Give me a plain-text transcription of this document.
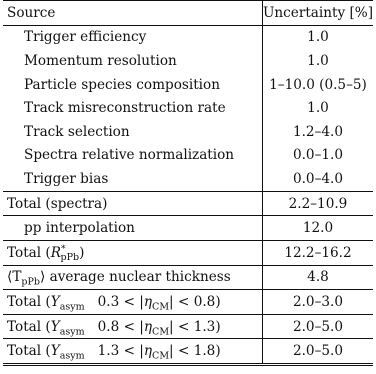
Source	Uncertainty [%]
Trigger efficiency	1.0
Momentum resolution	1.0
Particle species composition	1–10.0 (0.5–5)
Track misreconstruction rate	1.0
Track selection	1.2–4.0
Spectra relative normalization	0.0–1.0
Trigger bias	0.0–4.0
Total (spectra)	2.2–10.9
pp interpolation	12.0
Total $(R^*_{pPb})$	12.2–16.2
$⟨T_{pPb}⟩$ average nuclear thickness	4.8
Total ($Y_{asym}$ $0.3 < |\eta_{CM}| < 0.8$)	2.0–3.0
Total ($Y_{asym}$ $0.8 < |\eta_{CM}| < 1.3$)	2.0–5.0
Total ($Y_{asym}$ $1.3 < |\eta_{CM}| < 1.8$)	2.0–5.0
